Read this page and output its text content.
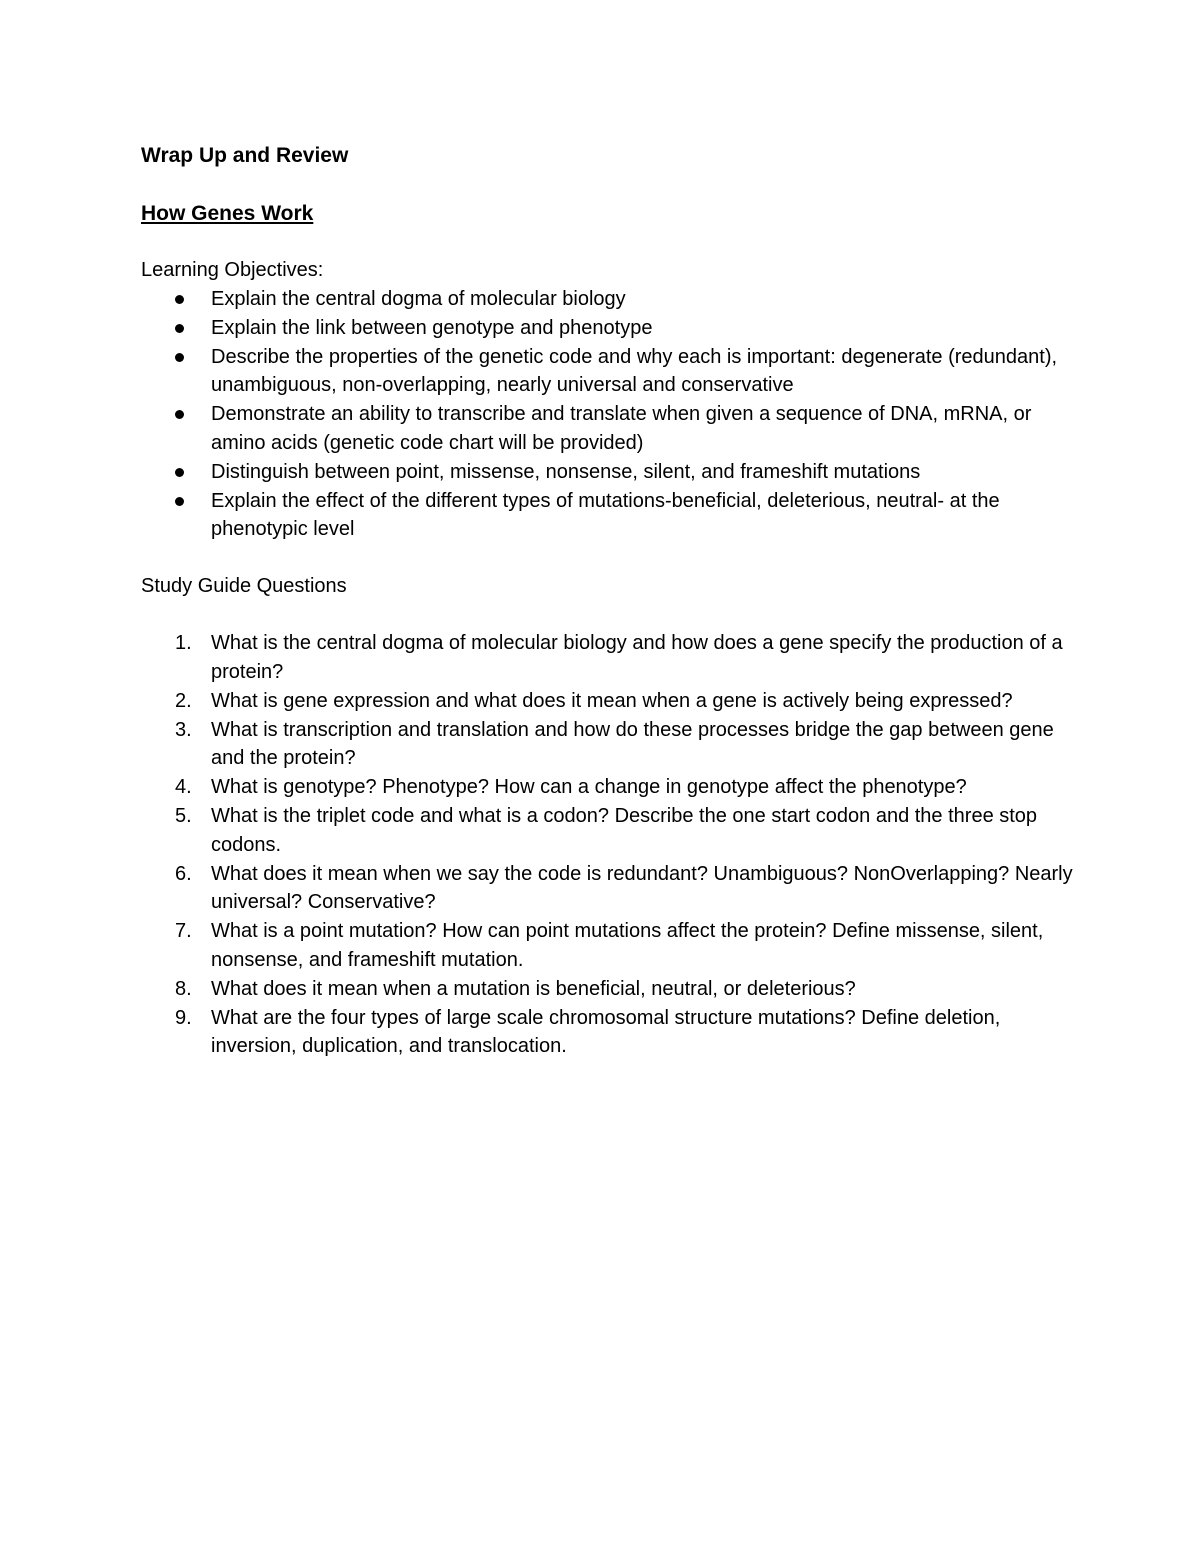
Wrap Up and Review
How Genes Work
Learning Objectives:
Explain the central dogma of molecular biology
Explain the link between genotype and phenotype
Describe the properties of the genetic code and why each is important: degenerate (redundant), unambiguous, non-overlapping, nearly universal and conservative
Demonstrate an ability to transcribe and translate when given a sequence of DNA, mRNA, or amino acids (genetic code chart will be provided)
Distinguish between point, missense, nonsense, silent, and frameshift mutations
Explain the effect of the different types of mutations-beneficial, deleterious, neutral- at the phenotypic level
Study Guide Questions
1. What is the central dogma of molecular biology and how does a gene specify the production of a protein?
2. What is gene expression and what does it mean when a gene is actively being expressed?
3. What is transcription and translation and how do these processes bridge the gap between gene and the protein?
4. What is genotype? Phenotype? How can a change in genotype affect the phenotype?
5. What is the triplet code and what is a codon? Describe the one start codon and the three stop codons.
6. What does it mean when we say the code is redundant? Unambiguous? NonOverlapping? Nearly universal? Conservative?
7. What is a point mutation? How can point mutations affect the protein? Define missense, silent, nonsense, and frameshift mutation.
8. What does it mean when a mutation is beneficial, neutral, or deleterious?
9. What are the four types of large scale chromosomal structure mutations? Define deletion, inversion, duplication, and translocation.
